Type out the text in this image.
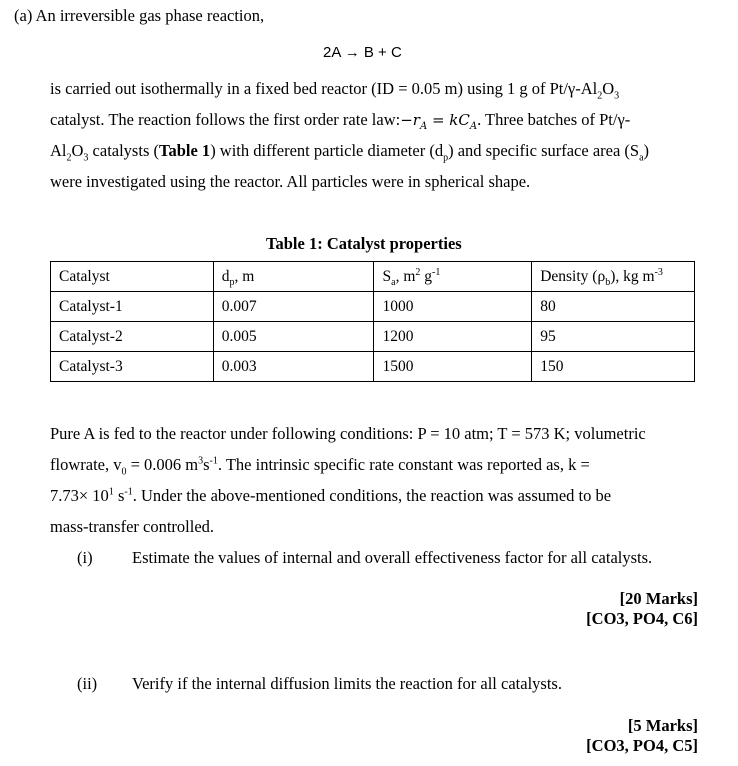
(a) An irreversible gas phase reaction,
2A → B + C
is carried out isothermally in a fixed bed reactor (ID = 0.05 m) using 1 g of $Pt/\gamma-Al_2O_3$
catalyst. The reaction follows the first order rate $law:-r_A = kC_A$. Three batches of Pt/γ-
$Al_2O_3$ catalysts (Table 1) with different particle diameter $(d_p)$ and specific surface area $(S_a)$
were investigated using the reactor. All particles were in spherical shape.
Table 1: Catalyst properties
Catalyst	$d_p$, m	$S_a$, $m^2$ $g^{-1}$	Density $(\rho_b)$, kg $m^{-3}$
Catalyst-1	0.007	1000	80
Catalyst-2	0.005	1200	95
Catalyst-3	0.003	1500	150
Pure A is fed to the reactor under following conditions: P = 10 atm; T = 573 K; volumetric
flowrate, $v_0 = 0.006$ $m^3s^{-1}$. The intrinsic specific rate constant was reported as, k =
$7.73\times 10^1$ $s^{-1}$. Under the above-mentioned conditions, the reaction was assumed to be
mass-transfer controlled.
(i) Estimate the values of internal and overall effectiveness factor for all catalysts.
[20 Marks]
[CO3, PO4, C6]
(ii) Verify if the internal diffusion limits the reaction for all catalysts.
[5 Marks]
[CO3, PO4, C5]
